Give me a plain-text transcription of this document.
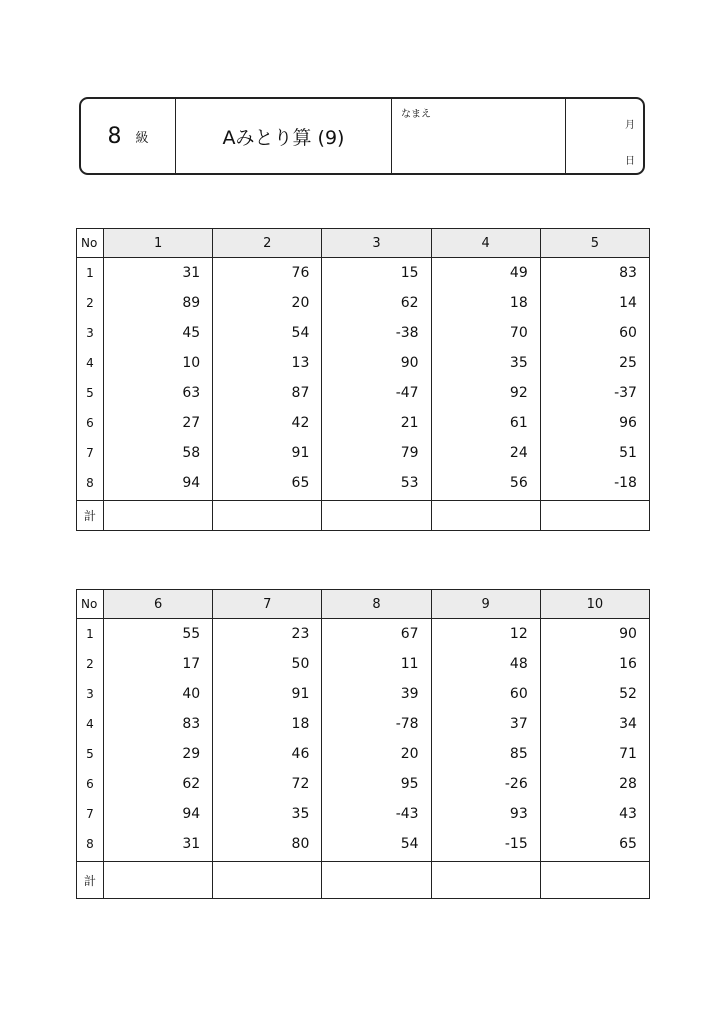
8 級	Aみとり算 (9)
なまえ
月
日
No	1	2	3	4	5
1	31	76	15	49	83
2	89	20	62	18	14
3	45	54	-38	70	60
4	10	13	90	35	25
5	63	87	-47	92	-37
6	27	42	21	61	96
7	58	91	79	24	51
8	94	65	53	56	-18
計					
No	6	7	8	9	10
1	55	23	67	12	90
2	17	50	11	48	16
3	40	91	39	60	52
4	83	18	-78	37	34
5	29	46	20	85	71
6	62	72	95	-26	28
7	94	35	-43	93	43
8	31	80	54	-15	65
計					
